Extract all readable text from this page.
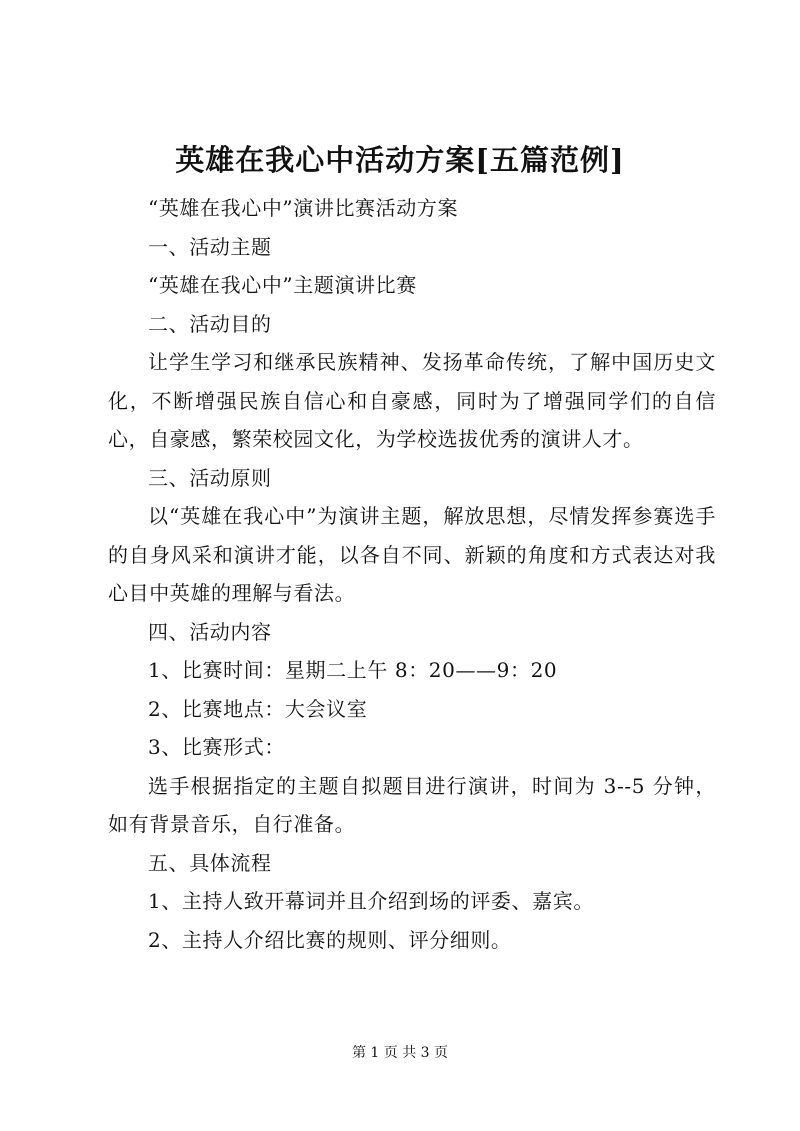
英雄在我心中活动方案[五篇范例]

“英雄在我心中”演讲比赛活动方案

一、活动主题

“英雄在我心中”主题演讲比赛

二、活动目的

让学生学习和继承民族精神、发扬革命传统，了解中国历史文化，不断增强民族自信心和自豪感，同时为了增强同学们的自信心，自豪感，繁荣校园文化，为学校选拔优秀的演讲人才。

三、活动原则

以“英雄在我心中”为演讲主题，解放思想，尽情发挥参赛选手的自身风采和演讲才能，以各自不同、新颖的角度和方式表达对我心目中英雄的理解与看法。

四、活动内容

1、比赛时间：星期二上午 8：20——9：20

2、比赛地点：大会议室

3、比赛形式：

选手根据指定的主题自拟题目进行演讲，时间为 3--5 分钟，如有背景音乐，自行准备。

五、具体流程

1、主持人致开幕词并且介绍到场的评委、嘉宾。

2、主持人介绍比赛的规则、评分细则。

第 1 页 共 3 页
